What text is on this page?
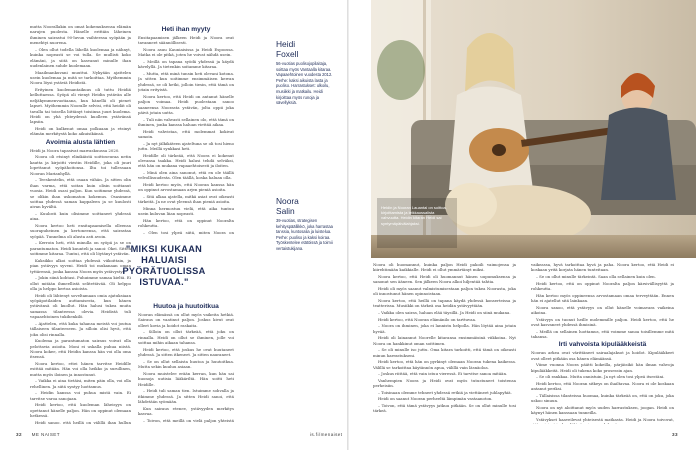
mutta Noorallakin on omat kokemuksensa elämän narujen puolesta. Hänelle erittäin läheinen ihminen sairastui 90-luvun vaihteessa syöpään ja menehtyi nuorena.

– Olen ollut todella lähellä kuolemaa ja nähnyt, kuinka nopeasti se voi tulla. Se mullisti koko elämäni, ja siitä on kasvanut minulle ihan uudenlainen suhde kuolemaan.

Maailmankuvani muuttui. Nykyään ajattelen usein kuolemaa ja mitä se tarkoittaa. Myöhemmin Noora löysi ystäviä Heidistä.

Erityinen kuolemantaikuus oli tuttu Heidiä kelluttaessa. Syöpä oli vienyt Heidin ystävän alle neljäkymmenvuotiaana, kun hänellä oli pienet lapset. Myöhemmin Nooralle selvisi, että heidät oli tavalla tai toisella liittänyt toisiinsa juuri kuolema. Heidi on yhä yhteydessä kuolleen ystävänsä lapsiin.

Heidi on kulkenut omaa polkuaan ja etsinyt elämän merkitystä koko aikuisikänsä.

Avoimia alusta lähtien

Heidi ja Noora tapasivat marraskuussa 2020.

Noora oli etsinyt elinikäistä soittoseuraa netin kautta ja kirjoitti viestin Heidille, joka oli juuri lopettanut syöpähoitonsa. Ilta toi tullessaan Nooran Marianhyllä.

– Teeskentelin, että osaan vähän. Ja sitten olin ihan varma, että soitan kuin olisin soittanut vuosia. Heidi osasi paljon. Kun soitimme yhdessä, se olikin ihan uskomaton kokemus. Osasimme soittaa yhdessä saman kappaleen ja se kuulosti aivan hyvältä.

– Kuulosti kuin olisimme soittaneet yhdessä aina.

Noora kertoo heti ensitapaamisella olleensa suorapuheinen ja kertoneensa, että sairastaa syöpää. Tunnelma oli alusta asti avoin.

– Kerroin heti, että minulla on syöpä ja se on parantumaton. Heidi kuunteli ja sanoi: Okei. Sitten soitimme kitaraa. Tuntui, että oli löytänyt ystävän.

Kaksikko alkoi soittaa yhdessä viikoittain, ja pian ystävyys syveni. Heidi toi mukanaan oman tyttärensä, jonka kanssa Noora myös ystävystyi.

– Jokin siinä kohtasi. Puhuimme samaa kieltä. Ei ollut mitään ihmeellistä selitettävää. Oli helppo olla ja helppo kertoa asioista.

Heidi oli lähtenyt soveltamaan omia ajatuksiaan syöpäpotilaiden auttamisesta, kun hänen ystävänsä oli kuollut. Hän halusi tukea muita samassa tilanteessa olevia. Heidistä tuli vapaaehtoinen tukihenkilö.

– Ajattelen, että kuka tahansa meistä voi joutua tällaiseen tilanteeseen. Ja silloin olisi hyvä, että joku olisi rinnalla.

Kuolema ja parantumaton sairaus voivat olla pelottavia asioita. Moni ei uskalla puhua niistä. Noora kokee, että Heidin kanssa hän voi olla oma itsensä.

Noora kertoo, ettei hänen tarvitse Heidille esittää mitään. Hän voi olla heikko ja surullinen, mutta myös iloinen ja innostunut.

– Vaikka ei aina tietäisi, miten päin olla, voi olla rehellinen. Ja siitä syntyy luottamus.

– Heidin kanssa voi puhua mistä vain. Ei tarvitse varoa sanojaan.

Heidi kertoo, että kuoleman läheisyys on opettanut hänelle paljon. Hän on oppinut olemaan hetkessä.

Heidi sanoo, että heillä on välillä ihan hullun

Heti ihan myyty

Ensitapaamisen jälkeen Heidi ja Noora ovat tavanneet säännöllisesti.

Noora asuu Kauniaisissa ja Heidi Espoossa. Matka ei ole pitkä, joten he voivat nähdä usein.

– Meillä on tapana syödä yhdessä ja käydä kävelyllä. Ja tietenkin soitamme kitaraa.

– Mutta, että minä tunsin heti olevani kotona. Ja sitten kun soitimme ensimmäisen kerran yhdessä, se oli hetki, jolloin tiesin, että tämä on jotain erityistä.

Noora kertoo, että Heidi on antanut hänelle paljon voimaa. Heidi puolestaan sanoo saaneensa Noorasta ystävän, jolta oppii joka päivä jotain uutta.

– Tuli niin vahvasti sellainen olo, että tämä on ihminen, jonka kanssa haluan viettää aikaa.

Heidi vahvistaa, että molemmat kokivat samoin.

– Ja nyt jälkikäteen ajateltuna se oli tosi hieno juttu. Meillä synkkasi heti.

Heidille oli tärkeää, että Noora ei kokenut olevansa taakka. Heidi halusi tehdä selväksi, että hän on mukana vapaaehtoisesti ja iloiten.

– Minä olen aina sanonut, että en ole täällä velvollisuudesta. Olen täällä, koska haluan olla.

Heidi kertoo myös, että Nooran kanssa hän on oppinut arvostamaan arjen pieniä asioita.

– Sitä alkaa ajatella, mitkä asiat ovat oikeasti tärkeitä. Ja ne ovat yleensä ihan pieniä asioita.

Minna hermostuu vielä, että aika tuntuu usein kuluvan liian nopeasti.

Hän kertoo, että on oppinut Nooralta rohkeutta.

– Olen tosi ylpeä siitä, miten Noora on

"MIKSI KUKAAN HALUAISI PYÖRÄTUOLISSA ISTUVAA."
Huutoa ja huutoitkua

Nooran elämässä on ollut myös vaikeita hetkiä. Sairaus on vaatinut paljon. Joskus kivut ovat olleet kovia ja hoidot raskaita.

– Silloin on ollut tärkeää, että joku on rinnalla. Heidi on ollut se ihminen, jolle voi soittaa mihin aikaan tahansa.

Heidi kertoo, että joskus he ovat huutaneet yhdessä. Ja sitten itkeneet. Ja sitten nauraneet.

– Se on ollut sellaista huutoa ja huutoitkua. Mutta sekin kuuluu asiaan.

Noora muistelee erään kerran, kun hän sai huonoja uutisia lääkäriltä. Hän soitti heti Heidille.

– Heidi tuli saman tien. Istuimme sohvalla ja itkimme yhdessä. Ja sitten Heidi sanoi, että lähdetään syömään.

Kun sairaus etenee, ystävyyden merkitys kasvaa.

– Toivon, että meillä on vielä paljon yhteistä

Heidi
Foxell
56-vuotias puolisojopilaitaja, soittaa myös Vantaalla kitaraa. Vapaaehtoinen vuodesta 2012. Perhe: kaksi aikuista lasta ja puoliso. Harrastukset: ulkoilu, musiikki ja matkailu. Heidi kirjoittaa myös runoja ja sävellyksiä.
Noora
Salin
39-vuotias, strategisen kehityspäällikkö, joka harrastaa tanssia, kuntosalia ja luistelua. Perhe: puoliso ja kaksi koiraa. Työskentelee etätöissä ja toimii vertaistukijana.
Heidin ja Nooran Lauantai on soittoa, kirjoittamista ja leikkaussalista vahvuutta. Heidin kitaran Heidi sai syntymäpäivälahjaksi.

Noora oli huomannut, kuinka paljon Heidi pakoili vaimojensa ja kiirehtimään kaikkialle. Heidi ei ollut ymmärtänyt miksi.

Noora kertoo, että Heidi oli huomannut hänen uupumuksensa ja sanonut sen ääneen. Sen jälkeen Noora alkoi hiljentää tahtia.

Heidi oli myös saanut valmistumisestaan paljon tukea Noorasta, joka oli innostunut hänen opinnoistaan.

Noora kertoo, että heillä on tapana käydä yhdessä konserteissa ja teatterissa. Musiikki on tärkeä osa heidän ystävyyttään.

– Vaikka olen sairas, haluan elää täysillä. Ja Heidi on siinä mukana.

Heidi kertoo, että Nooran elämänilo on tarttuvaa.

– Noora on ihminen, joka ei lannistu helpolla. Hän löytää aina jotain hyvää.

Heidi oli lainannut Noorelle kitaransa ensimmäisinä viikkoina. Nyt Noora on hankkinut oman soittimen.

– Se oli minulle iso juttu. Oma kitara tarkoitti, että tämä on oikeasti minun harrastukseni.

Heidi kertoo, että hän on pyrkinyt olemaan Nooran tukena kaikessa. Välillä se tarkoittaa käytännön apua, välillä vain läsnäoloa.

– Joskus riittää, että vain istuu vieressä. Ei tarvitse sanoa mitään.

Vanhempien Noora ja Heidi ovat myös tutustuneet toistensa perheisiin.

– Toisinaan olemme tehneet yhdessä retkiä ja viettäneet juhlapyhiä.

Heidi on saanut Nooran perheeltä lämpimän vastaanoton.

– Toivon, että tämä ystävyys jatkuu pitkään. Se on ollut minulle tosi tärkeä.

vaikeassa, hyvä tarkoittaa hyvä ja paha. Noora kertoo, että Heidi ei koskaan yritä korjata hänen tunteitaan.

– Se on ollut minulle tärkeintä. Saan olla sellainen kuin olen.

Heidi kertoo, että on oppinut Nooralta paljon kärsivällisyyttä ja rohkeutta.

Hän kertoo myös oppineensa arvostamaan omaa terveyttään. Ennen hän ei ajatellut sitä lainkaan.

Noora sanoo, että ystävyys on ollut hänelle voimavara vaikeina aikoina.

Ystävyys on tuonut heille molemmille paljon. Heidi kertoo, että he ovat kasvaneet yhdessä ihmisinä.

– Meillä on sellainen luottamus, että voimme sanoa toisillemme mitä tahansa.

Irti vahvoista kipulääkkeistä

Nooran arkea ovat värittäneet sairaalajaksot ja hoidot. Kipulääkkeet ovat olleet pitkään osa hänen elämäänsä.

Viime vuonna Noora päätti kokeilla, pärjäisikö hän ilman vahvoja kipulääkkeitä. Heidi oli tukena koko prosessin ajan.

– Se oli rankkaa. Mutta onnistuin. Ja nyt olen tosi ylpeä itsestäni.

Heidi kertoo, että Nooran sitkeys on ihailtavaa. Noora ei ole koskaan antanut periksi.

– Tällaisissa tilanteissa huomaa, kuinka tärkeää on, että on joku, joka uskoo sinuun.

Noora on nyt aloittanut myös uuden harrastuksen, joogan. Heidi on käynyt hänen kanssaan tunneilla.

Ystävykset haaveilevat yhteisestä matkasta. Heidi ja Noora toivovat,

32 ME NAISET	is.fi/menaiset	33
